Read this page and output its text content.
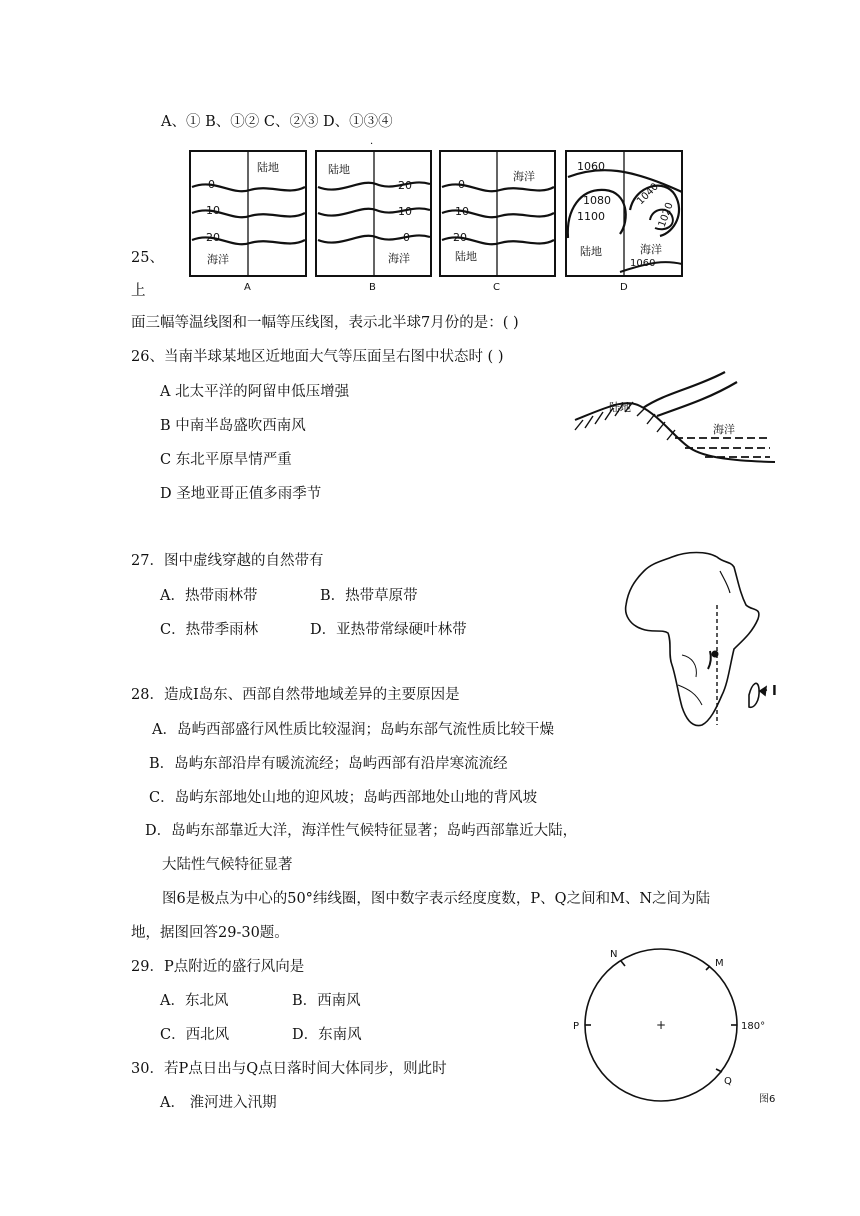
A、① B、①② C、②③ D、①③④
·
陆地
海洋
0
10
20
A
陆地
海洋
20
10
0
B
海洋
陆地
0
10
20
C
1060
1080
1100
1040
1020
陆地	海洋
1060
D
25、
上
面三幅等温线图和一幅等压线图，表示北半球7月份的是：( )
26、当南半球某地区近地面大气等压面呈右图中状态时 ( )
A 北太平洋的阿留申低压增强
B 中南半岛盛吹西南风
C 东北平原旱情严重
D 圣地亚哥正值多雨季节
陆地
海洋
27．图中虚线穿越的自然带有
A．热带雨林带	B．热带草原带
C．热带季雨林	D．亚热带常绿硬叶林带
I
28．造成I岛东、西部自然带地域差异的主要原因是
A．岛屿西部盛行风性质比较湿润；岛屿东部气流性质比较干燥
B．岛屿东部沿岸有暖流流经；岛屿西部有沿岸寒流流经
C．岛屿东部地处山地的迎风坡；岛屿西部地处山地的背风坡
D．岛屿东部靠近大洋，海洋性气候特征显著；岛屿西部靠近大陆，
大陆性气候特征显著
图6是极点为中心的50°纬线圈，图中数字表示经度度数，P、Q之间和M、N之间为陆
地，据图回答29-30题。
29．P点附近的盛行风向是
A．东北风	B．西南风
C．西北风	D．东南风
30．若P点日出与Q点日落时间大体同步，则此时
A． 淮河进入汛期
N
M
P	180°
Q
+
图6
